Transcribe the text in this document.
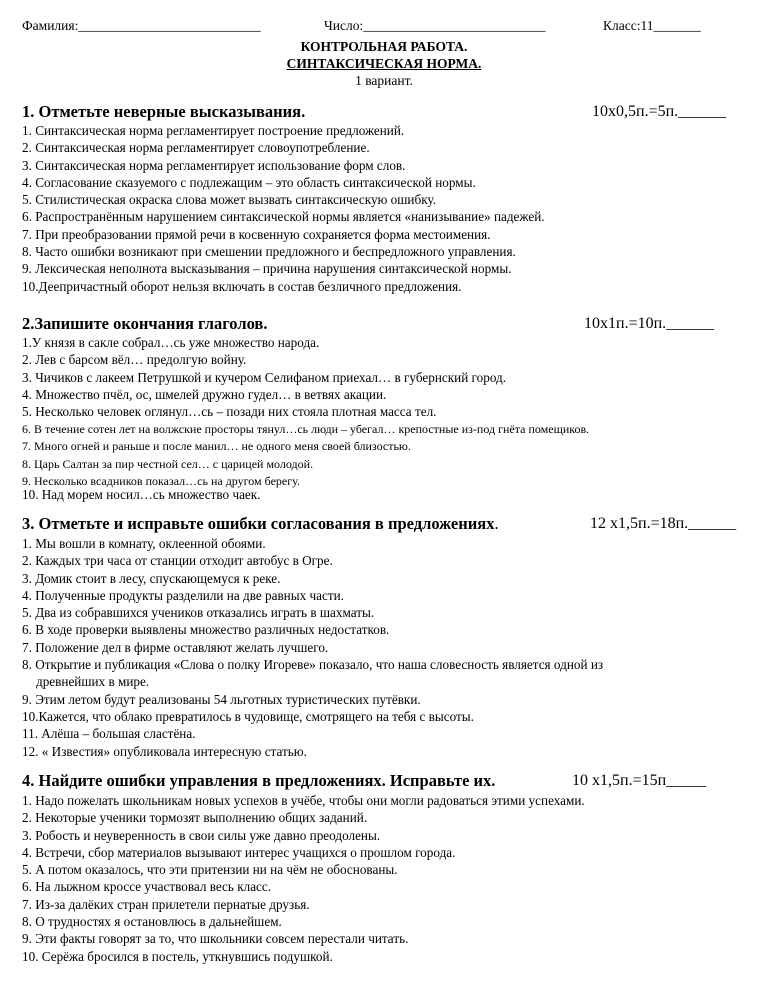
Фамилия:___________________________	Число:___________________________	Класс:11_______
КОНТРОЛЬНАЯ РАБОТА.
СИНТАКСИЧЕСКАЯ НОРМА.
1 вариант.
1. Отметьте неверные высказывания.	10х0,5п.=5п.______
1. Синтаксическая норма регламентирует построение предложений.
2. Синтаксическая норма регламентирует словоупотребление.
3. Синтаксическая норма регламентирует использование форм слов.
4. Согласование сказуемого с подлежащим – это область синтаксической нормы.
5. Стилистическая окраска слова может вызвать синтаксическую ошибку.
6. Распространённым нарушением синтаксической нормы является «нанизывание» падежей.
7. При преобразовании прямой речи в косвенную сохраняется форма местоимения.
8. Часто ошибки возникают при смешении предложного и беспредложного управления.
9. Лексическая неполнота высказывания – причина нарушения синтаксической нормы.
10.Деепричастный оборот нельзя включать в состав безличного предложения.
2.Запишите окончания глаголов.	10х1п.=10п.______
1.У князя в сакле собрал…сь уже множество народа.
2. Лев с барсом вёл… предолгую войну.
3. Чичиков с лакеем Петрушкой и кучером Селифаном приехал… в губернский город.
4. Множество пчёл, ос, шмелей дружно гудел… в ветвях акации.
5. Несколько человек оглянул…сь – позади них стояла плотная масса тел.
6. В течение сотен лет на волжские просторы тянул…сь люди – убегал… крепостные из-под гнёта помещиков.
7. Много огней и раньше и после манил… не одного меня своей близостью.
8. Царь Салтан за пир честной сел… с царицей молодой.
9. Несколько всадников показал…сь на другом берегу.
10. Над морем носил…сь множество чаек.
3. Отметьте и исправьте ошибки согласования в предложениях.	12 х1,5п.=18п.______
1. Мы вошли в комнату, оклеенной обоями.
2. Каждых три часа от станции отходит автобус в Огре.
3. Домик стоит в лесу, спускающемуся к реке.
4. Полученные продукты разделили на две равных части.
5. Два из собравшихся учеников отказались играть в шахматы.
6. В ходе проверки выявлены множество различных недостатков.
7. Положение дел в фирме оставляют желать лучшего.
8. Открытие и публикация «Слова о полку Игореве» показало, что наша словесность является одной из
древнейших в мире.
9. Этим летом будут реализованы 54 льготных туристических путёвки.
10.Кажется, что облако превратилось в чудовище, смотрящего на тебя с высоты.
11. Алёша – большая сластёна.
12. « Известия» опубликовала интересную статью.
4. Найдите ошибки управления в предложениях. Исправьте их.	10 х1,5п.=15п_____
1. Надо пожелать школьникам новых успехов в учёбе, чтобы они могли радоваться этими успехами.
2. Некоторые ученики тормозят выполнению общих заданий.
3. Робость и неуверенность в свои силы уже давно преодолены.
4. Встречи, сбор материалов вызывают интерес учащихся о прошлом города.
5. А потом оказалось, что эти притензии ни на чём не обоснованы.
6. На лыжном кроссе участвовал весь класс.
7. Из-за далёких стран прилетели пернатые друзья.
8. О трудностях я остановлюсь в дальнейшем.
9. Эти факты говорят за то, что школьники совсем перестали читать.
10. Серёжа бросился в постель, уткнувшись подушкой.
